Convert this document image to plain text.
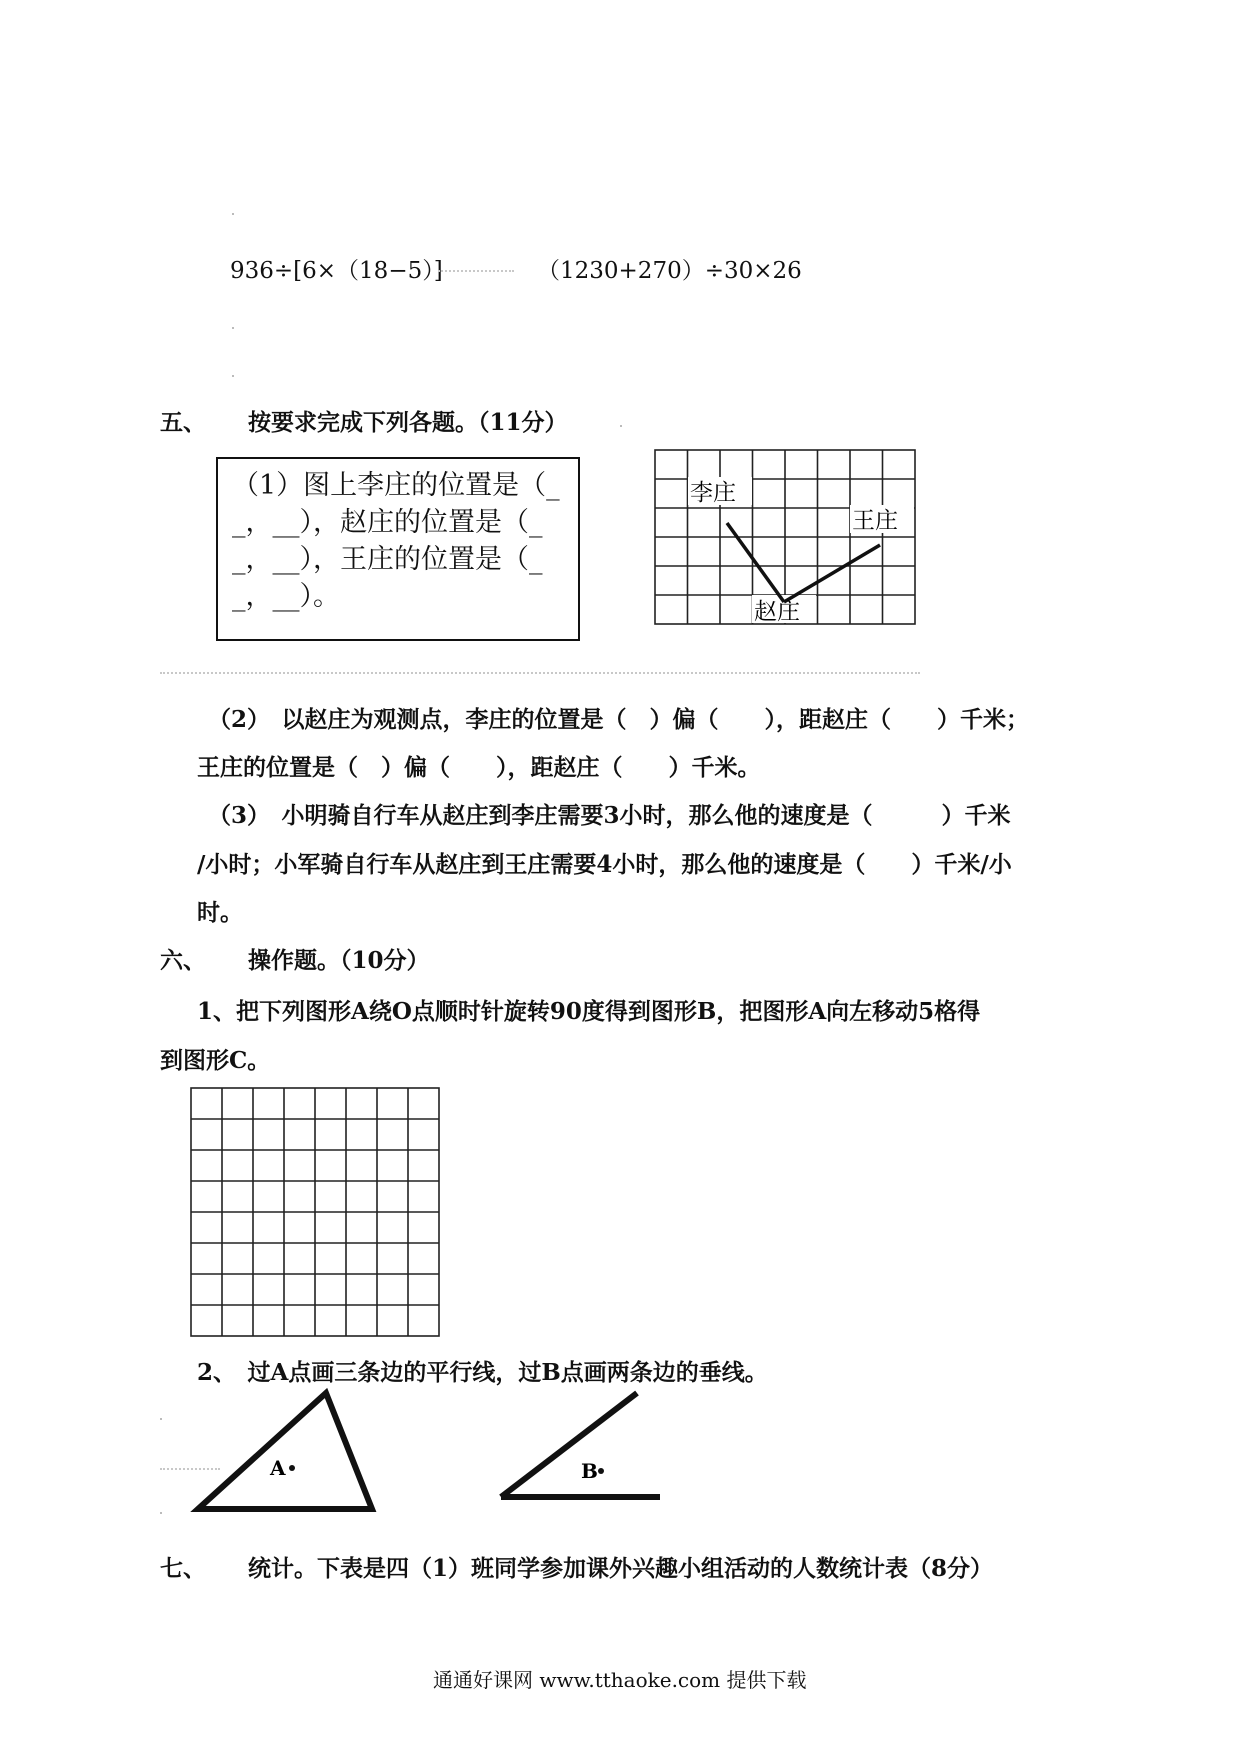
936÷[6×（18−5）]	（1230+270）÷30×26
五、 按要求完成下列各题。（11分）
（1）图上李庄的位置是（__，__），赵庄的位置是（__，__），王庄的位置是（__，__）。
李庄
王庄
赵庄
（2）　以赵庄为观测点，李庄的位置是（　）偏（　　），距赵庄（　　）千米；
王庄的位置是（　）偏（　　），距赵庄（　　）千米。
（3）　小明骑自行车从赵庄到李庄需要3小时，那么他的速度是（　　　）千米
/小时；小军骑自行车从赵庄到王庄需要4小时，那么他的速度是（　　）千米/小
时。
六、 操作题。（10分）
1、把下列图形A绕O点顺时针旋转90度得到图形B，把图形A向左移动5格得
到图形C。
2、　过A点画三条边的平行线，过B点画两条边的垂线。
A	B
七、 统计。下表是四（1）班同学参加课外兴趣小组活动的人数统计表（8分）
通通好课网 www.tthaoke.com 提供下载
